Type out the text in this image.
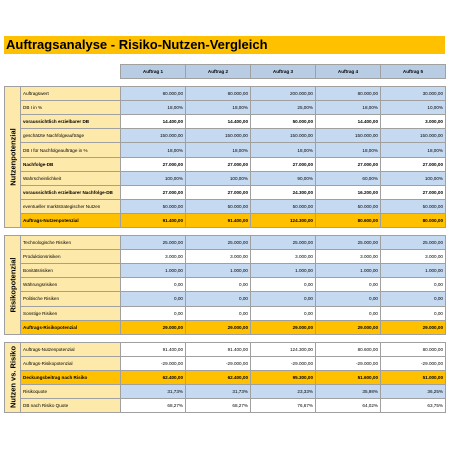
Auftragsanalyse - Risiko-Nutzen-Vergleich
		Auftrag 1	Auftrag 2	Auftrag 3	Auftrag 4	Auftrag 5

Nutzenpotenzial	Auftragswert	80.000,00	80.000,00	200.000,00	80.000,00	30.000,00
	DB I in %	18,00%	18,00%	25,00%	18,00%	10,00%
	voraussichtlich erzielbarer DB	14.400,00	14.400,00	50.000,00	14.400,00	3.000,00
	geschätzte Nachfolgeaufträge	150.000,00	150.000,00	150.000,00	150.000,00	150.000,00
	DB I für Nachfolgeaufträge in %	18,00%	18,00%	18,00%	18,00%	18,00%
	Nachfolge-DB	27.000,00	27.000,00	27.000,00	27.000,00	27.000,00
	Wahrscheinlichkeit	100,00%	100,00%	90,00%	60,00%	100,00%
	voraussichtlich erzielbarer Nachfolge-DB	27.000,00	27.000,00	24.300,00	16.200,00	27.000,00
	eventueller marktstrategischer Nutzen	50.000,00	50.000,00	50.000,00	50.000,00	50.000,00
	Auftrags-Nutzenpotenzial	91.400,00	91.400,00	124.300,00	80.600,00	80.000,00

Risikopotenzial	Technologische Risiken	25.000,00	25.000,00	25.000,00	25.000,00	25.000,00
	Produktionsrisiken	3.000,00	3.000,00	3.000,00	3.000,00	3.000,00
	Bonitätsrisiken	1.000,00	1.000,00	1.000,00	1.000,00	1.000,00
	Währungsrisiken	0,00	0,00	0,00	0,00	0,00
	Politische Risiken	0,00	0,00	0,00	0,00	0,00
	Sonstige Risiken	0,00	0,00	0,00	0,00	0,00
	Auftrags-Risikopotenzial	29.000,00	29.000,00	29.000,00	29.000,00	29.000,00

Nutzen vs. Risiko	Auftrags-Nutzenpotenzial	91.400,00	91.400,00	124.300,00	80.600,00	80.000,00
	Auftrags-Risikopotenzial	-29.000,00	-29.000,00	-29.000,00	-29.000,00	-29.000,00
	Deckungsbeitrag nach Risiko	62.400,00	62.400,00	95.300,00	51.600,00	51.000,00
	Risikoquote	31,73%	31,73%	23,33%	35,98%	36,25%
	DB nach Risiko Quote	68,27%	68,27%	76,67%	64,02%	63,75%
